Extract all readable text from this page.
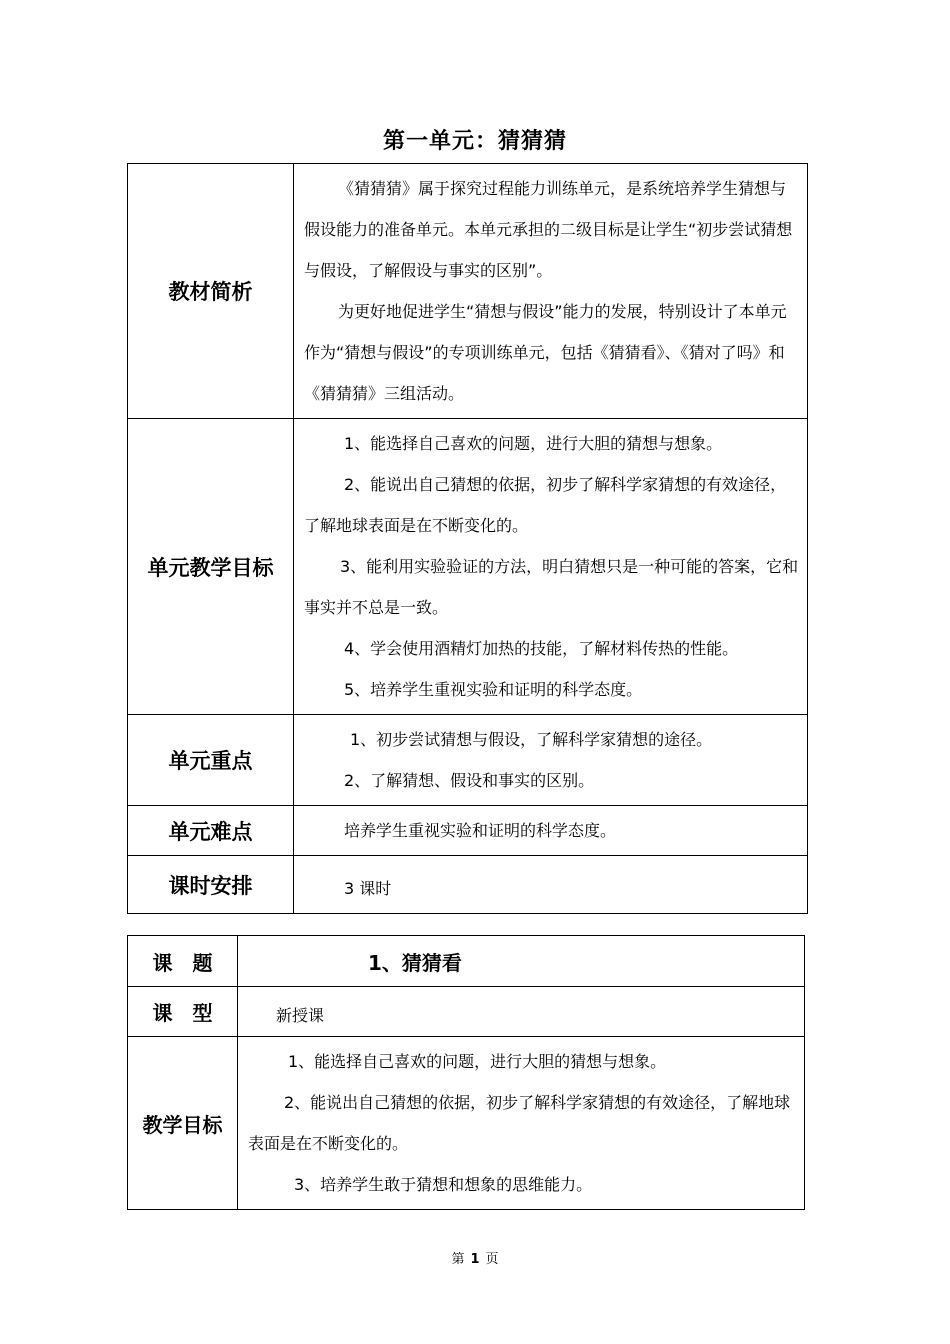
第一单元：猜猜猜
教材简析	《猜猜猜》属于探究过程能力训练单元，是系统培养学生猜想与假设能力的准备单元。本单元承担的二级目标是让学生“初步尝试猜想与假设，了解假设与事实的区别”。

为更好地促进学生“猜想与假设”能力的发展，特别设计了本单元作为“猜想与假设”的专项训练单元，包括《猜猜看》、《猜对了吗》和《猜猜猜》三组活动。

单元教学目标	1、能选择自己喜欢的问题，进行大胆的猜想与想象。

2、能说出自己猜想的依据，初步了解科学家猜想的有效途径，了解地球表面是在不断变化的。

3、能利用实验验证的方法，明白猜想只是一种可能的答案，它和事实并不总是一致。

4、学会使用酒精灯加热的技能，了解材料传热的性能。

5、培养学生重视实验和证明的科学态度。

单元重点	1、初步尝试猜想与假设，了解科学家猜想的途径。

2、了解猜想、假设和事实的区别。

单元难点	培养学生重视实验和证明的科学态度。

课时安排	3 课时

课　题	1、猜猜看
课　型	新授课
教学目标	1、能选择自己喜欢的问题，进行大胆的猜想与想象。

2、能说出自己猜想的依据，初步了解科学家猜想的有效途径，了解地球表面是在不断变化的。

3、培养学生敢于猜想和想象的思维能力。

第 1 页
